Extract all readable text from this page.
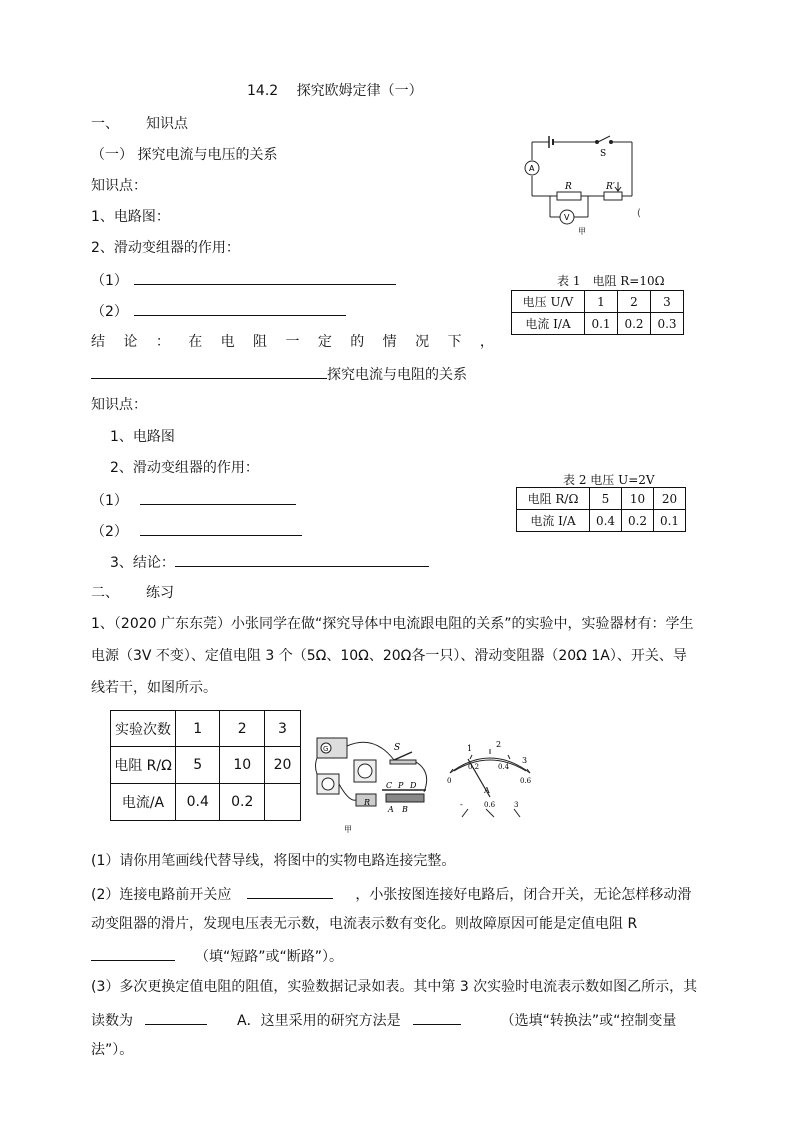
14.2　 探究欧姆定律（一）
一、 知识点
（一） 探究电流与电压的关系
知识点：
1、电路图：
2、滑动变组器的作用：
（1）
（2）
结 论 ： 在 电 阻 一 定 的 情 况 下 ，
探究电流与电阻的关系
知识点：
1、电路图
2、滑动变组器的作用：
（1）
（2）
3、结论：
二、 练习
1、（2020 广东东莞）小张同学在做“探究导体中电流跟电阻的关系”的实验中，实验器材有：学生
电源（3V 不变）、定值电阻 3 个（5Ω、10Ω、20Ω各一只）、滑动变阻器（20Ω 1A）、开关、导
线若干，如图所示。
A
V
S
R	R′
甲
(
表 1　电阻 R=10Ω
电压 U/V	1	2	3
电流 I/A	0.1	0.2	0.3
表 2 电压 U=2V
电阻 R/Ω	5	10	20
电流 I/A	0.4	0.2	0.1
实验次数	1	2	3
电阻 R/Ω	5	10	20
电流/A	0.4	0.2	
G	S
C P D
A B
R
甲
1	2
3
0
0.2	0.4
0.6
A
-	0.6	3
(1）请你用笔画线代替导线，将图中的实物电路连接完整。
(2）连接电路前开关应	，小张按图连接好电路后，闭合开关，无论怎样移动滑
动变阻器的滑片，发现电压表无示数，电流表示数有变化。则故障原因可能是定值电阻 R
（填“短路”或“断路”）。
(3）多次更换定值电阻的阻值，实验数据记录如表。其中第 3 次实验时电流表示数如图乙所示，其
读数为	A．这里采用的研究方法是	（选填“转换法”或“控制变量
法”）。
